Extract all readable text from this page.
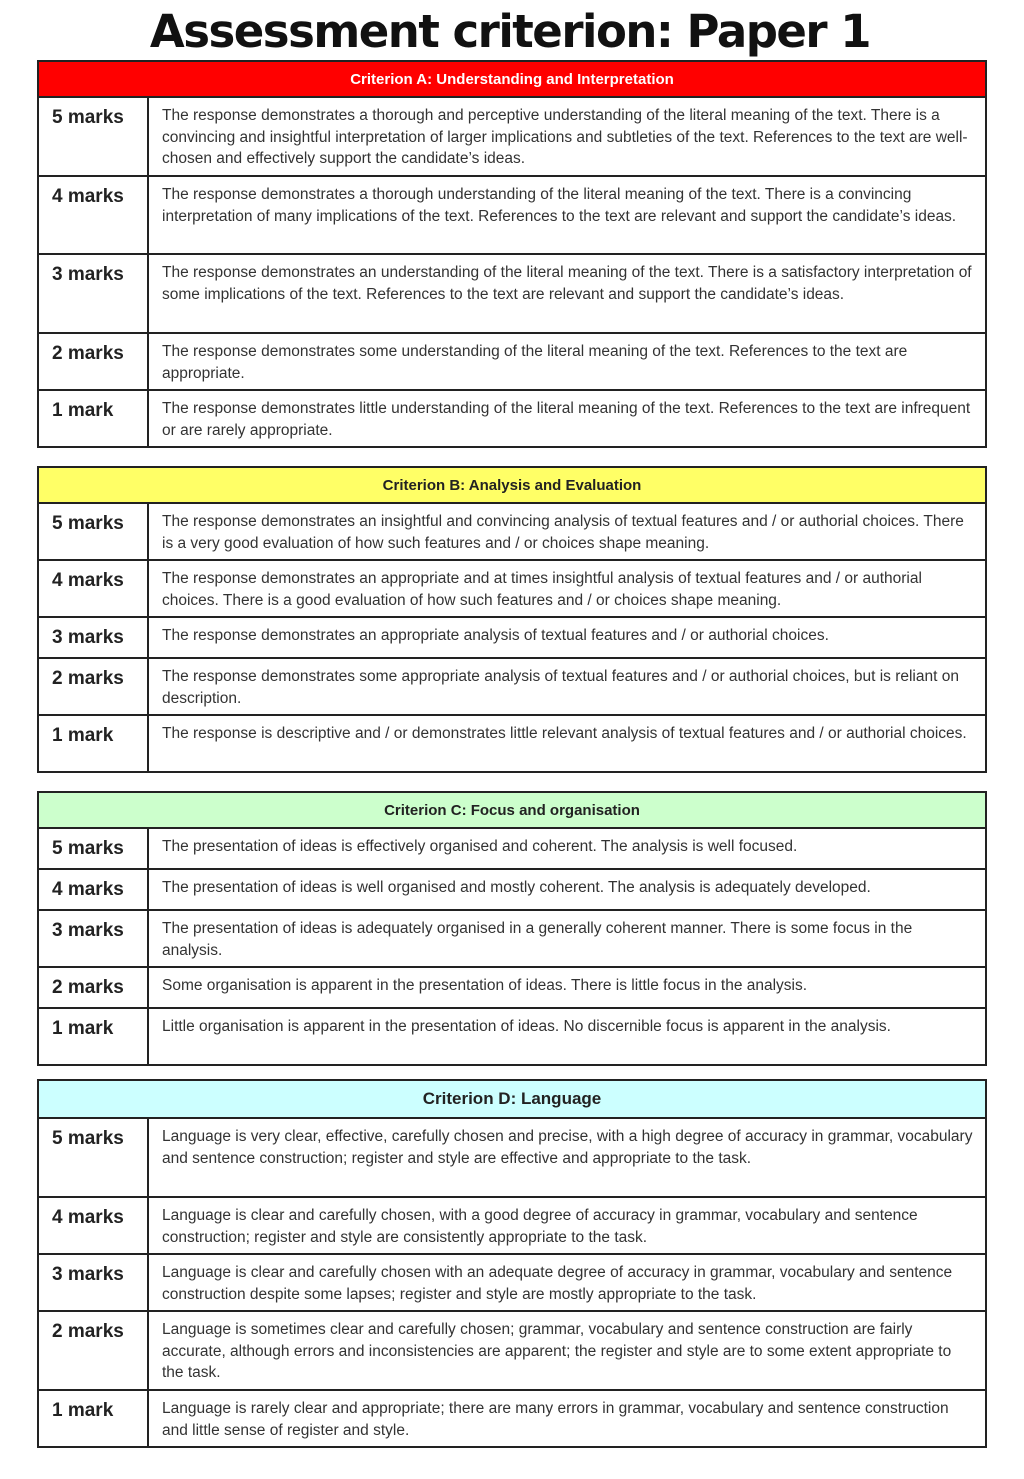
Assessment criterion: Paper 1
Criterion A: Understanding and Interpretation	
5 marks	The response demonstrates a thorough and perceptive understanding of the literal meaning of the text. There is a convincing and insightful interpretation of larger implications and subtleties of the text. References to the text are well-chosen and effectively support the candidate’s ideas.
4 marks	The response demonstrates a thorough understanding of the literal meaning of the text. There is a convincing interpretation of many implications of the text. References to the text are relevant and support the candidate’s ideas.
3 marks	The response demonstrates an understanding of the literal meaning of the text. There is a satisfactory interpretation of some implications of the text. References to the text are relevant and support the candidate’s ideas.
2 marks	The response demonstrates some understanding of the literal meaning of the text. References to the text are appropriate.
1 mark	The response demonstrates little understanding of the literal meaning of the text. References to the text are infrequent or are rarely appropriate.
Criterion B: Analysis and Evaluation	
5 marks	The response demonstrates an insightful and convincing analysis of textual features and / or authorial choices. There is a very good evaluation of how such features and / or choices shape meaning.
4 marks	The response demonstrates an appropriate and at times insightful analysis of textual features and / or authorial choices. There is a good evaluation of how such features and / or choices shape meaning.
3 marks	The response demonstrates an appropriate analysis of textual features and / or authorial choices.
2 marks	The response demonstrates some appropriate analysis of textual features and / or authorial choices, but is reliant on description.
1 mark	The response is descriptive and / or demonstrates little relevant analysis of textual features and / or authorial choices.
Criterion C: Focus and organisation	
5 marks	The presentation of ideas is effectively organised and coherent. The analysis is well focused.
4 marks	The presentation of ideas is well organised and mostly coherent. The analysis is adequately developed.
3 marks	The presentation of ideas is adequately organised in a generally coherent manner. There is some focus in the analysis.
2 marks	Some organisation is apparent in the presentation of ideas. There is little focus in the analysis.
1 mark	Little organisation is apparent in the presentation of ideas. No discernible focus is apparent in the analysis.
Criterion D: Language	
5 marks	Language is very clear, effective, carefully chosen and precise, with a high degree of accuracy in grammar, vocabulary and sentence construction; register and style are effective and appropriate to the task.
4 marks	Language is clear and carefully chosen, with a good degree of accuracy in grammar, vocabulary and sentence construction; register and style are consistently appropriate to the task.
3 marks	Language is clear and carefully chosen with an adequate degree of accuracy in grammar, vocabulary and sentence construction despite some lapses; register and style are mostly appropriate to the task.
2 marks	Language is sometimes clear and carefully chosen; grammar, vocabulary and sentence construction are fairly accurate, although errors and inconsistencies are apparent; the register and style are to some extent appropriate to the task.
1 mark	Language is rarely clear and appropriate; there are many errors in grammar, vocabulary and sentence construction and little sense of register and style.
